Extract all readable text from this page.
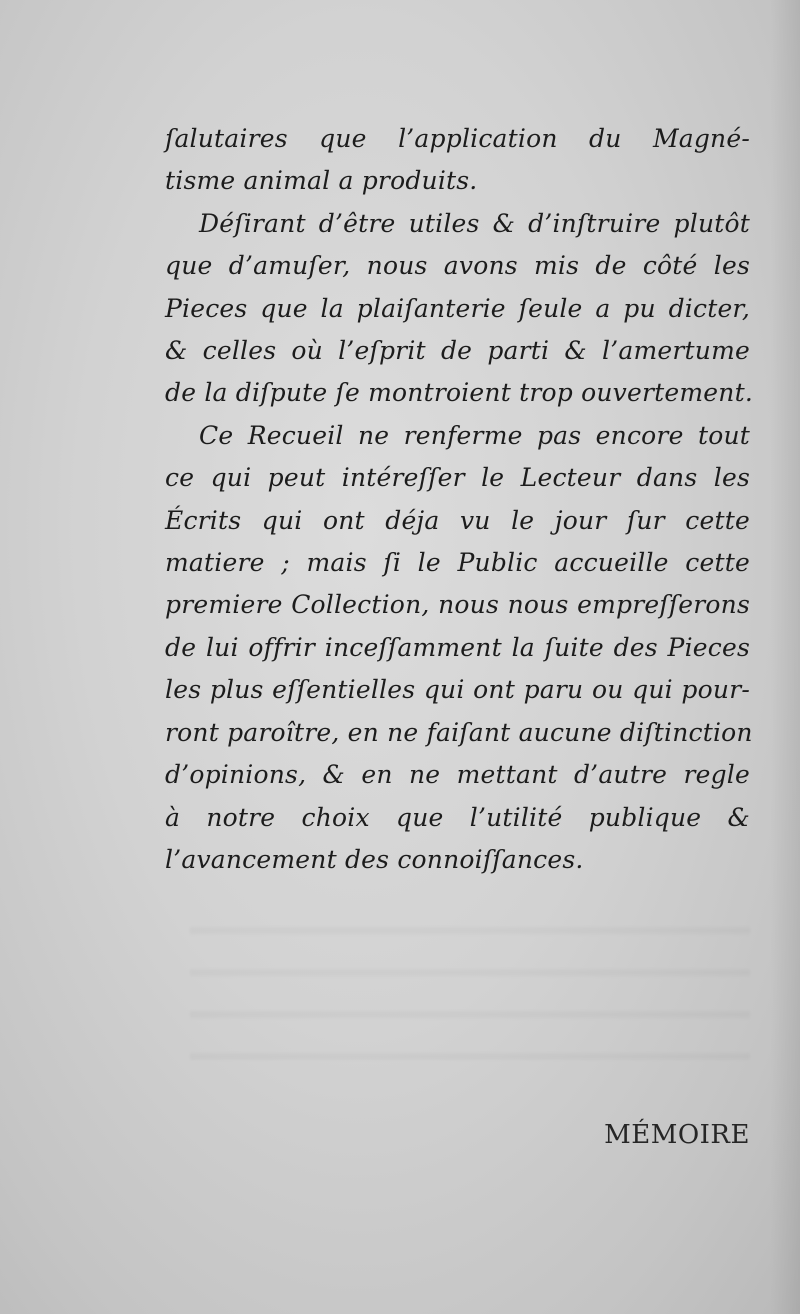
ſalutaires que l’application du Magné-
tisme animal a produits.
Déſirant d’être utiles & d’inſtruire plutôt
que d’amuſer, nous avons mis de côté les
Pieces que la plaiſanterie ſeule a pu dicter,
& celles où l’eſprit de parti & l’amertume
de la diſpute ſe montroient trop ouvertement.
Ce Recueil ne renferme pas encore tout
ce qui peut intéreſſer le Lecteur dans les
Écrits qui ont déja vu le jour ſur cette
matiere ; mais ſi le Public accueille cette
premiere Collection, nous nous empreſſerons
de lui offrir inceſſamment la ſuite des Pieces
les plus eſſentielles qui ont paru ou qui pour-
ront paroître, en ne faiſant aucune diſtinction
d’opinions, & en ne mettant d’autre regle
à notre choix que l’utilité publique &
l’avancement des connoiſſances.
MÉMOIRE
